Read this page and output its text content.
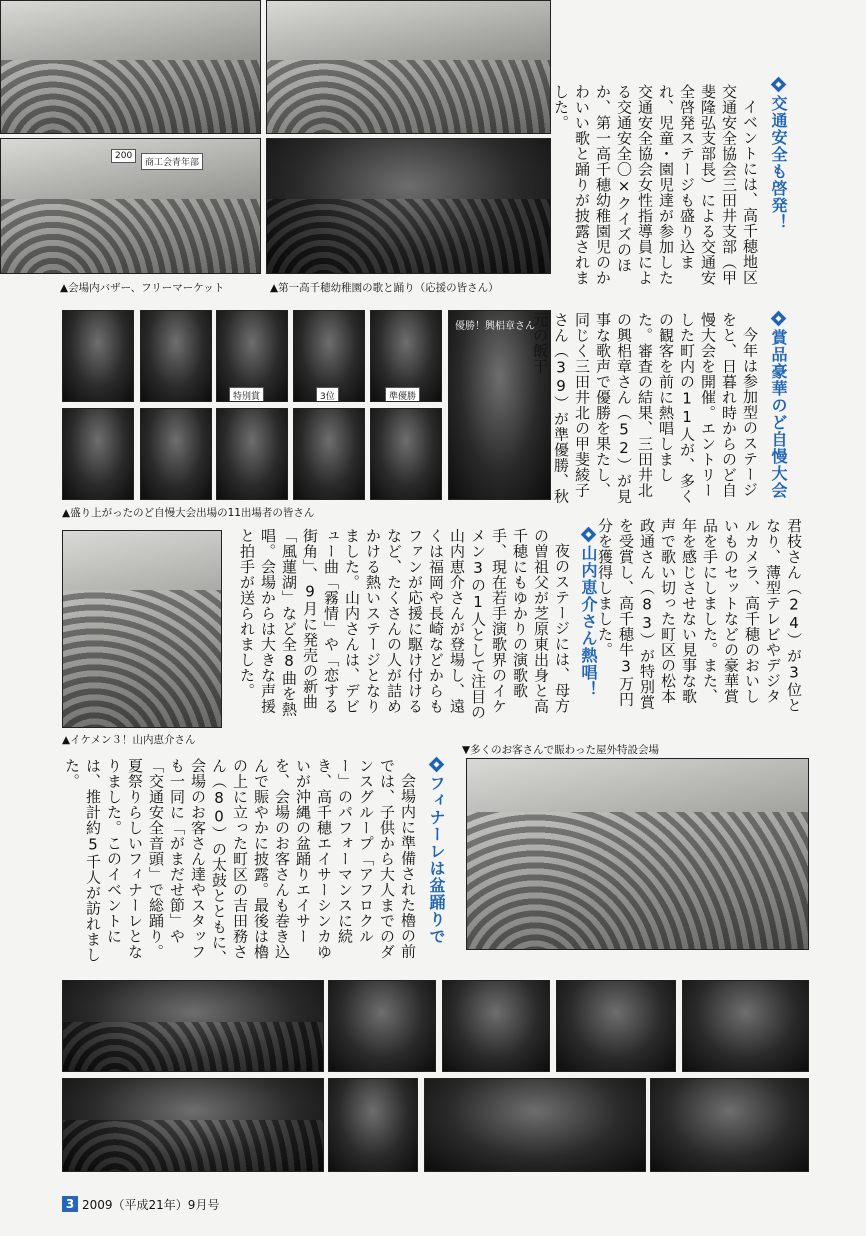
200
商工会青年部
▲会場内バザー、フリーマーケット	▲第一高千穂幼稚園の歌と踊り（応援の皆さん）
特別賞	3位	準優勝
優勝！興梠章さん
▲盛り上がったのど自慢大会出場の11出場者の皆さん
▲イケメン３！山内恵介さん
▼多くのお客さんで賑わった屋外特設会場
交通安全も啓発！
賞品豪華のど自慢大会
山内恵介さん熱唱！
フィナーレは盆踊りで

イベントには、高千穂地区交通安全協会三田井支部（甲斐隆弘支部長）による交通安全啓発ステージも盛り込まれ、児童・園児達が参加した交通安全協会女性指導員による交通安全〇×クイズのほか、第一高千穂幼稚園児のかわいい歌と踊りが披露されました。

今年は参加型のステージをと、日暮れ時からのど自慢大会を開催。エントリーした町内の11人が、多くの観客を前に熱唱しました。審査の結果、三田井北の興梠章さん（52）が見事な歌声で優勝を果たし、同じく三田井北の甲斐綾子さん（39）が準優勝、秋元の飯干

君枝さん（24）が3位となり、薄型テレビやデジタルカメラ、高千穂のおいしいものセットなどの豪華賞品を手にしました。また、年を感じさせない見事な歌声で歌い切った町区の松本政通さん（83）が特別賞を受賞し、高千穂牛3万円分を獲得しました。

夜のステージには、母方の曽祖父が芝原東出身と高千穂にもゆかりの演歌歌手、現在若手演歌界のイケメン3の1人として注目の山内恵介さんが登場し、遠くは福岡や長崎などからもファンが応援に駆け付けるなど、たくさんの人が詰めかける熱いステージとなりました。山内さんは、デビュー曲「霧情」や「恋する街角」、9月に発売の新曲「風蓮湖」など全8曲を熱唱。会場からは大きな声援と拍手が送られました。

会場内に準備された櫓の前では、子供から大人までのダンスグループ「アフロクルー」のパフォーマンスに続き、高千穂エイサーシンカゆいが沖縄の盆踊りエイサーを、会場のお客さんも巻き込んで賑やかに披露。最後は櫓の上に立った町区の吉田務さん（80）の太鼓とともに、会場のお客さん達やスタッフも一同に「がまだせ節」や「交通安全音頭」で総踊り。夏祭りらしいフィナーレとなりました。このイベントには、推計約5千人が訪れました。

3 2009（平成21年）9月号
